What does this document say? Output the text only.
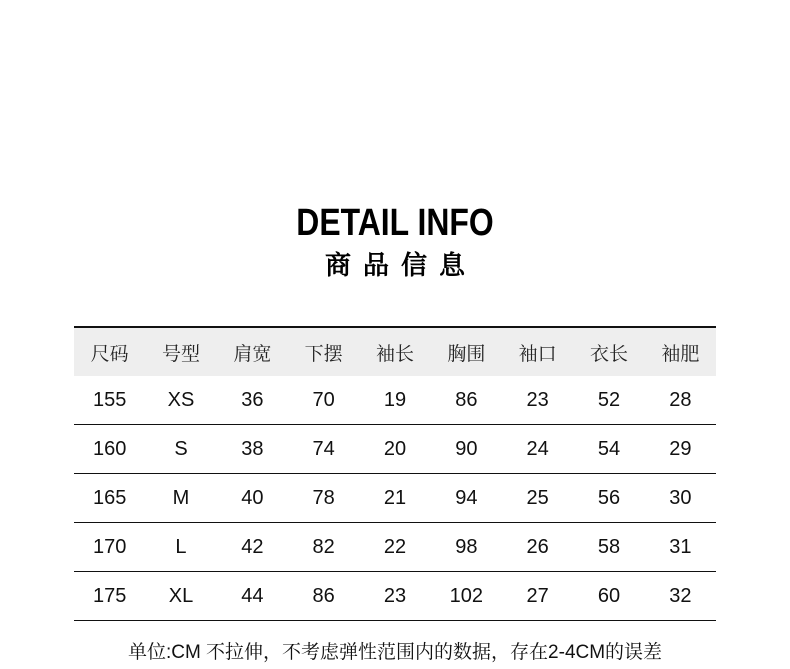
DETAIL INFO
商品信息
尺码	号型	肩宽	下摆	袖长	胸围	袖口	衣长	袖肥
155	XS	36	70	19	86	23	52	28
160	S	38	74	20	90	24	54	29
165	M	40	78	21	94	25	56	30
170	L	42	82	22	98	26	58	31
175	XL	44	86	23	102	27	60	32
单位:CM 不拉伸，不考虑弹性范围内的数据，存在2-4CM的误差
